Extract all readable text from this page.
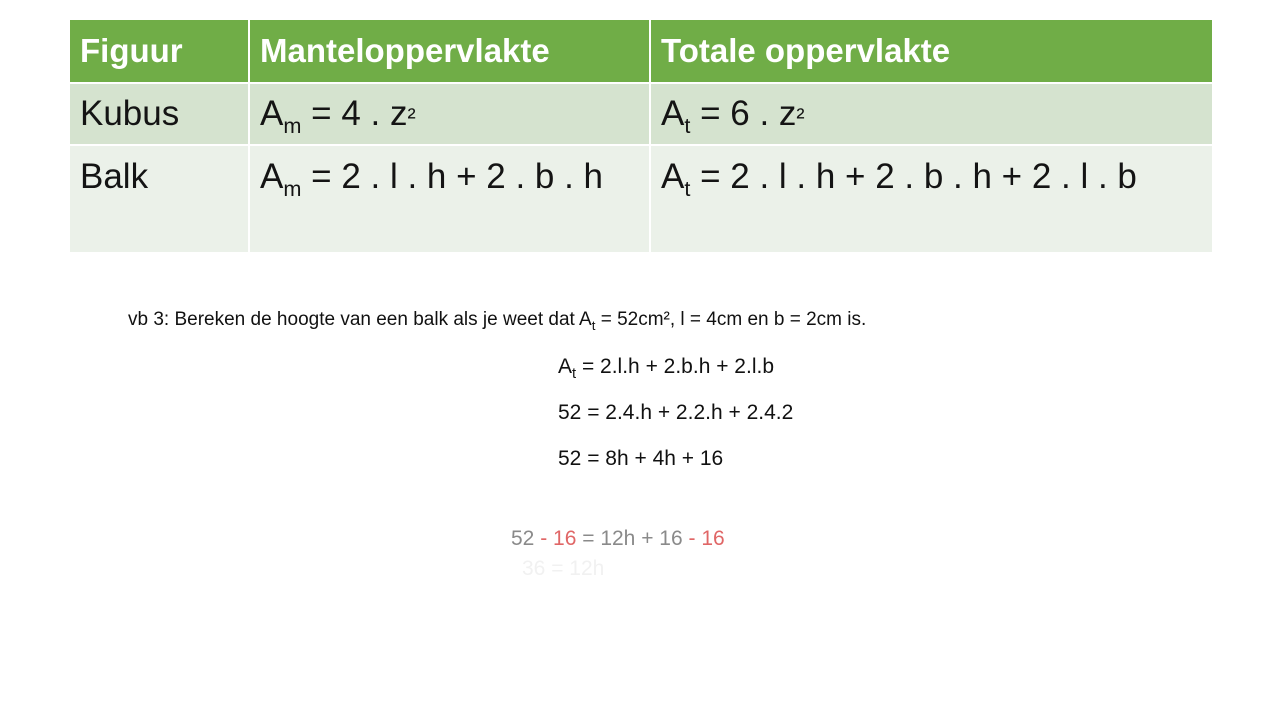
Figuur	Manteloppervlakte	Totale oppervlakte
Kubus	$A_m = 4$ . z²	$A_t = 6$ . z²
Balk	$A_m = 2$ . l . h + 2 . b . h	$A_t = 2$ . l . h + 2 . b . h + 2 . l . b
vb 3: Bereken de hoogte van een balk als je weet dat $A_t = 52cm^2$, l = 4cm en b = 2cm is.
$A_t = 2.l.h + 2.b.h + 2.l.b$
52 = 2.4.h + 2.2.h + 2.4.2
52 = 8h + 4h + 16
52 - 16 = 12h + 16 - 16
36 = 12h
